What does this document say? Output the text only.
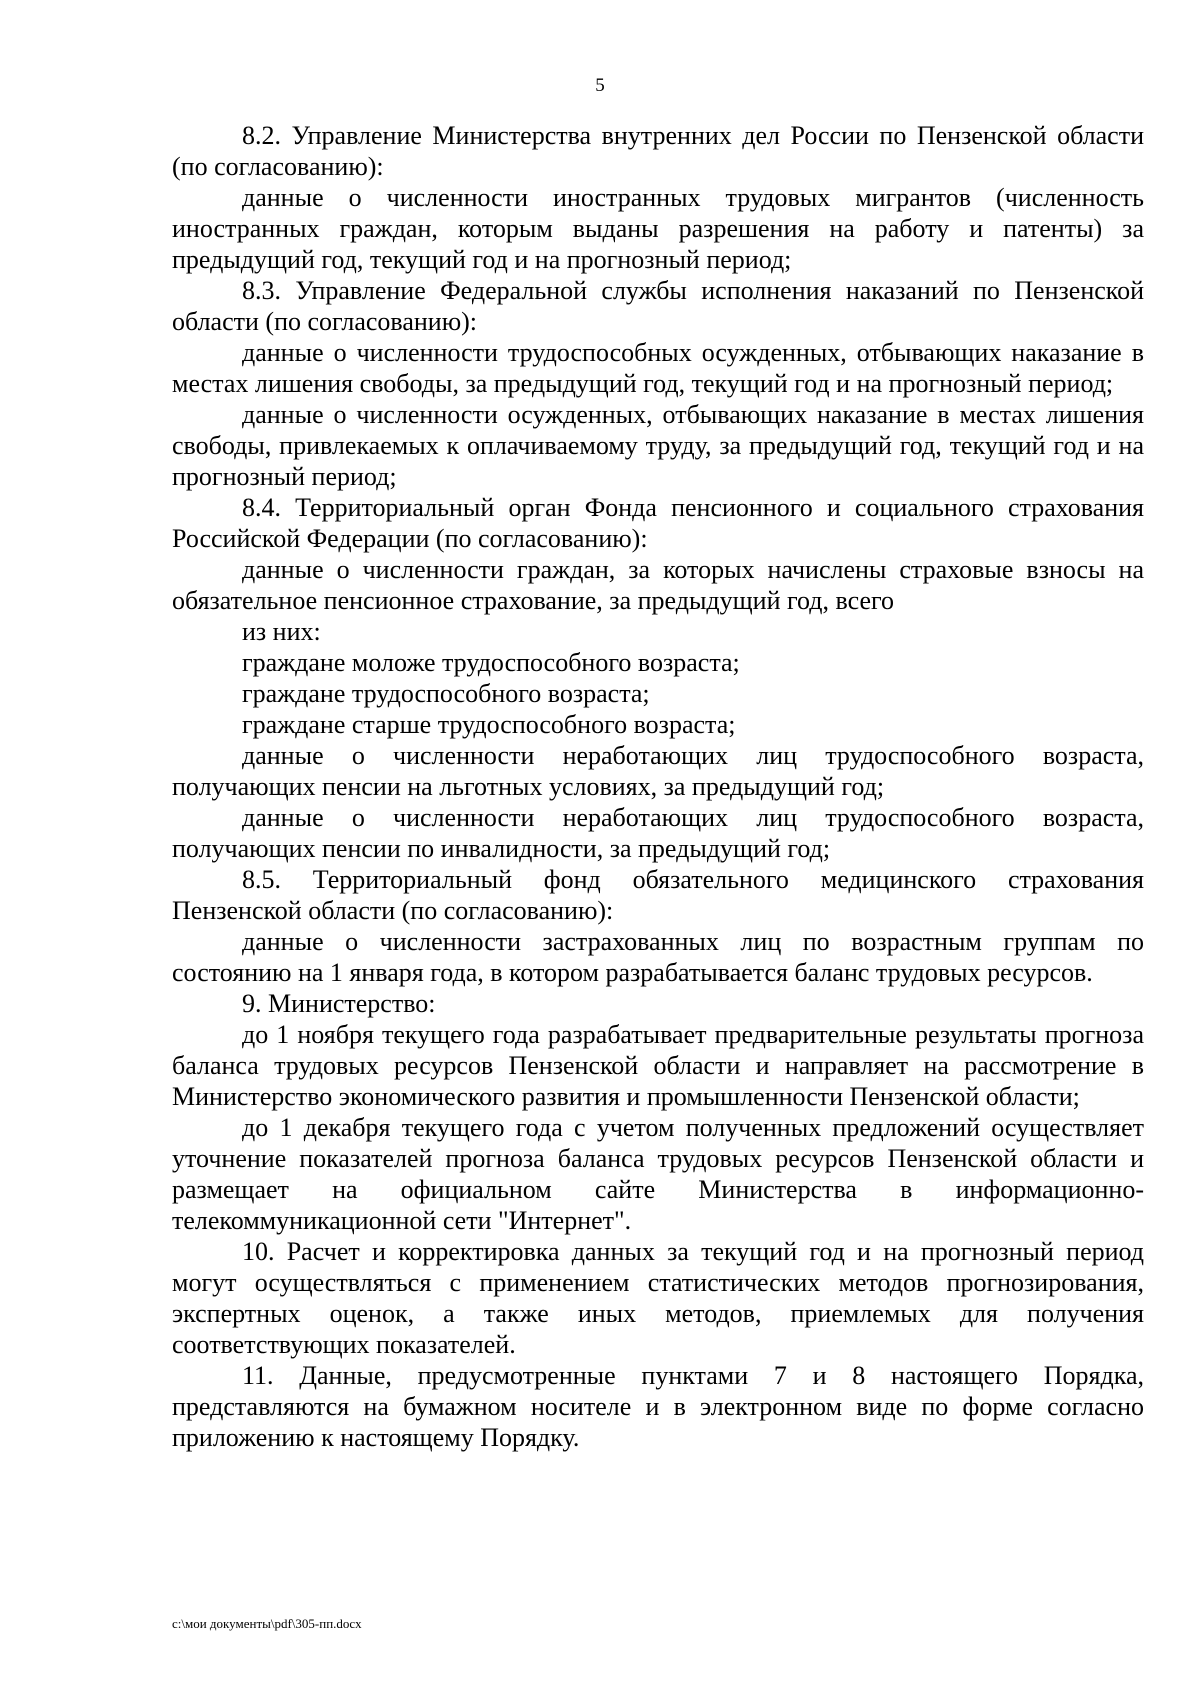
5

8.2. Управление Министерства внутренних дел России по Пензенской области (по согласованию):

данные о численности иностранных трудовых мигрантов (численность иностранных граждан, которым выданы разрешения на работу и патенты) за предыдущий год, текущий год и на прогнозный период;

8.3. Управление Федеральной службы исполнения наказаний по Пензенской области (по согласованию):

данные о численности трудоспособных осужденных, отбывающих наказание в местах лишения свободы, за предыдущий год, текущий год и на прогнозный период;

данные о численности осужденных, отбывающих наказание в местах лишения свободы, привлекаемых к оплачиваемому труду, за предыдущий год, текущий год и на прогнозный период;

8.4. Территориальный орган Фонда пенсионного и социального страхования Российской Федерации (по согласованию):

данные о численности граждан, за которых начислены страховые взносы на обязательное пенсионное страхование, за предыдущий год, всего

из них:

граждане моложе трудоспособного возраста;

граждане трудоспособного возраста;

граждане старше трудоспособного возраста;

данные о численности неработающих лиц трудоспособного возраста, получающих пенсии на льготных условиях, за предыдущий год;

данные о численности неработающих лиц трудоспособного возраста, получающих пенсии по инвалидности, за предыдущий год;

8.5. Территориальный фонд обязательного медицинского страхования Пензенской области (по согласованию):

данные о численности застрахованных лиц по возрастным группам по состоянию на 1 января года, в котором разрабатывается баланс трудовых ресурсов.

9. Министерство:

до 1 ноября текущего года разрабатывает предварительные результаты прогноза баланса трудовых ресурсов Пензенской области и направляет на рассмотрение в Министерство экономического развития и промышленности Пензенской области;

до 1 декабря текущего года с учетом полученных предложений осуществляет уточнение показателей прогноза баланса трудовых ресурсов Пензенской области и размещает на официальном сайте Министерства в информационно-телекоммуникационной сети "Интернет".

10. Расчет и корректировка данных за текущий год и на прогнозный период могут осуществляться с применением статистических методов прогнозирования, экспертных оценок, а также иных методов, приемлемых для получения соответствующих показателей.

11. Данные, предусмотренные пунктами 7 и 8 настоящего Порядка, представляются на бумажном носителе и в электронном виде по форме согласно приложению к настоящему Порядку.

c:\мои документы\pdf\305-пп.docx
